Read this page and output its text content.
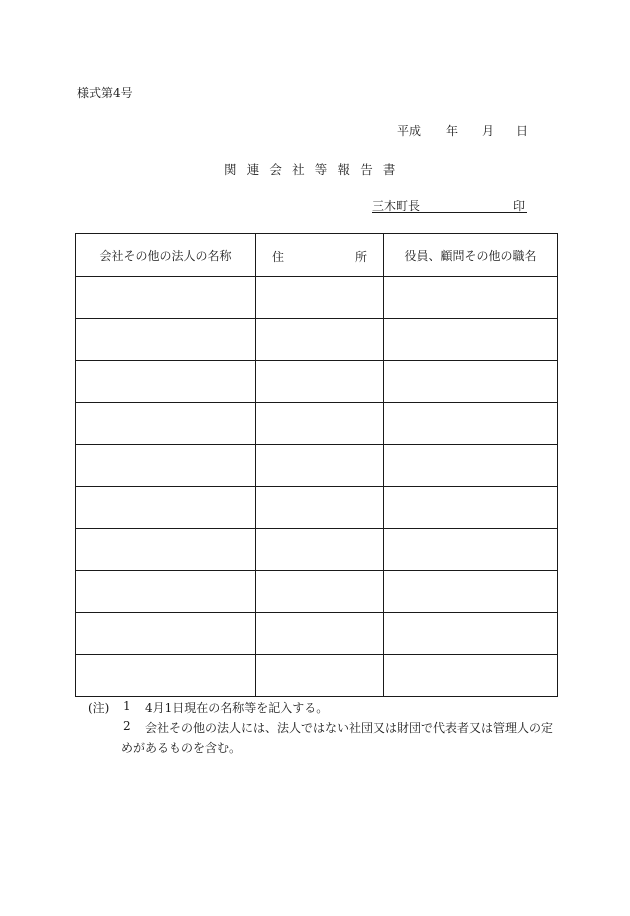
様式第4号
平成 年 月 日
関連会社等報告書
三木町長	印
会社その他の法人の名称	住 所	役員、顧問その他の職名

(注) 1 4月1日現在の名称等を記入する。
2 会社その他の法人には、法人ではない社団又は財団で代表者又は管理人の定
めがあるものを含む。
